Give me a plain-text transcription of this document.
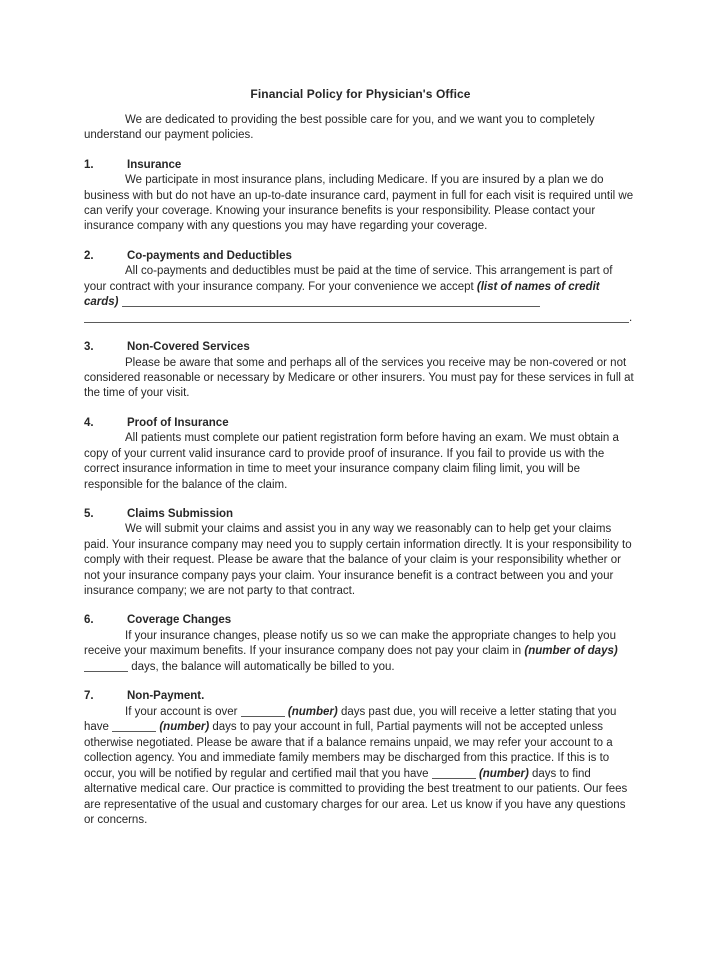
Financial Policy for Physician's Office

We are dedicated to providing the best possible care for you, and we want you to completely understand our payment policies.

1.	Insurance

We participate in most insurance plans, including Medicare. If you are insured by a plan we do business with but do not have an up-to-date insurance card, payment in full for each visit is required until we can verify your coverage. Knowing your insurance benefits is your responsibility. Please contact your insurance company with any questions you may have regarding your coverage.

2.	Co-payments and Deductibles

All co-payments and deductibles must be paid at the time of service. This arrangement is part of your contract with your insurance company. For your convenience we accept (list of names of credit cards)  .

3.	Non-Covered Services

Please be aware that some and perhaps all of the services you receive may be non-covered or not considered reasonable or necessary by Medicare or other insurers. You must pay for these services in full at the time of your visit.

4.	Proof of Insurance

All patients must complete our patient registration form before having an exam. We must obtain a copy of your current valid insurance card to provide proof of insurance. If you fail to provide us with the correct insurance information in time to meet your insurance company claim filing limit, you will be responsible for the balance of the claim.

5.	Claims Submission

We will submit your claims and assist you in any way we reasonably can to help get your claims paid. Your insurance company may need you to supply certain information directly. It is your responsibility to comply with their request. Please be aware that the balance of your claim is your responsibility whether or not your insurance company pays your claim. Your insurance benefit is a contract between you and your insurance company; we are not party to that contract.

6.	Coverage Changes

If your insurance changes, please notify us so we can make the appropriate changes to help you receive your maximum benefits. If your insurance company does not pay your claim in (number of days)  days, the balance will automatically be billed to you.

7.	Non-Payment.

If your account is over	(number) days past due, you will receive a letter stating that you have	(number) days to pay your account in full, Partial payments will not be accepted unless otherwise negotiated. Please be aware that if a balance remains unpaid, we may refer your account to a collection agency. You and immediate family members may be discharged from this practice. If this is to occur, you will be notified by regular and certified mail that you have	(number) days to find alternative medical care. Our practice is committed to providing the best treatment to our patients. Our fees are representative of the usual and customary charges for our area. Let us know if you have any questions or concerns.
